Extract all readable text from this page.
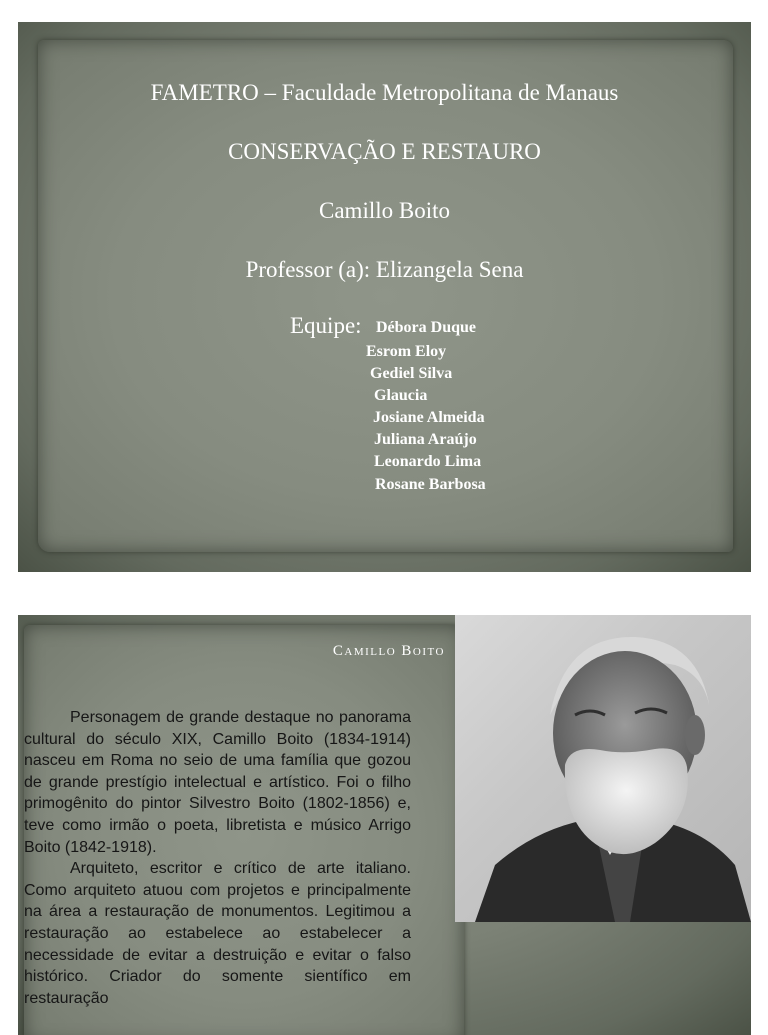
FAMETRO – Faculdade Metropolitana de Manaus
CONSERVAÇÃO E RESTAURO
Camillo Boito
Professor (a): Elizangela Sena
Equipe: Débora Duque
Esrom Eloy
Gediel Silva
Glaucia
Josiane Almeida
Juliana Araújo
Leonardo Lima
Rosane Barbosa
Camillo Boito

Personagem de grande destaque no panorama cultural do século XIX, Camillo Boito (1834-1914) nasceu em Roma no seio de uma família que gozou de grande prestígio intelectual e artístico. Foi o filho primogênito do pintor Silvestro Boito (1802-1856) e, teve como irmão o poeta, libretista e músico Arrigo Boito (1842-1918).

Arquiteto, escritor e crítico de arte italiano. Como arquiteto atuou com projetos e principalmente na área a restauração de monumentos. Legitimou a restauração ao estabelece ao estabelecer a necessidade de evitar a destruição e evitar o falso histórico. Criador do somente sientífico em restauração
